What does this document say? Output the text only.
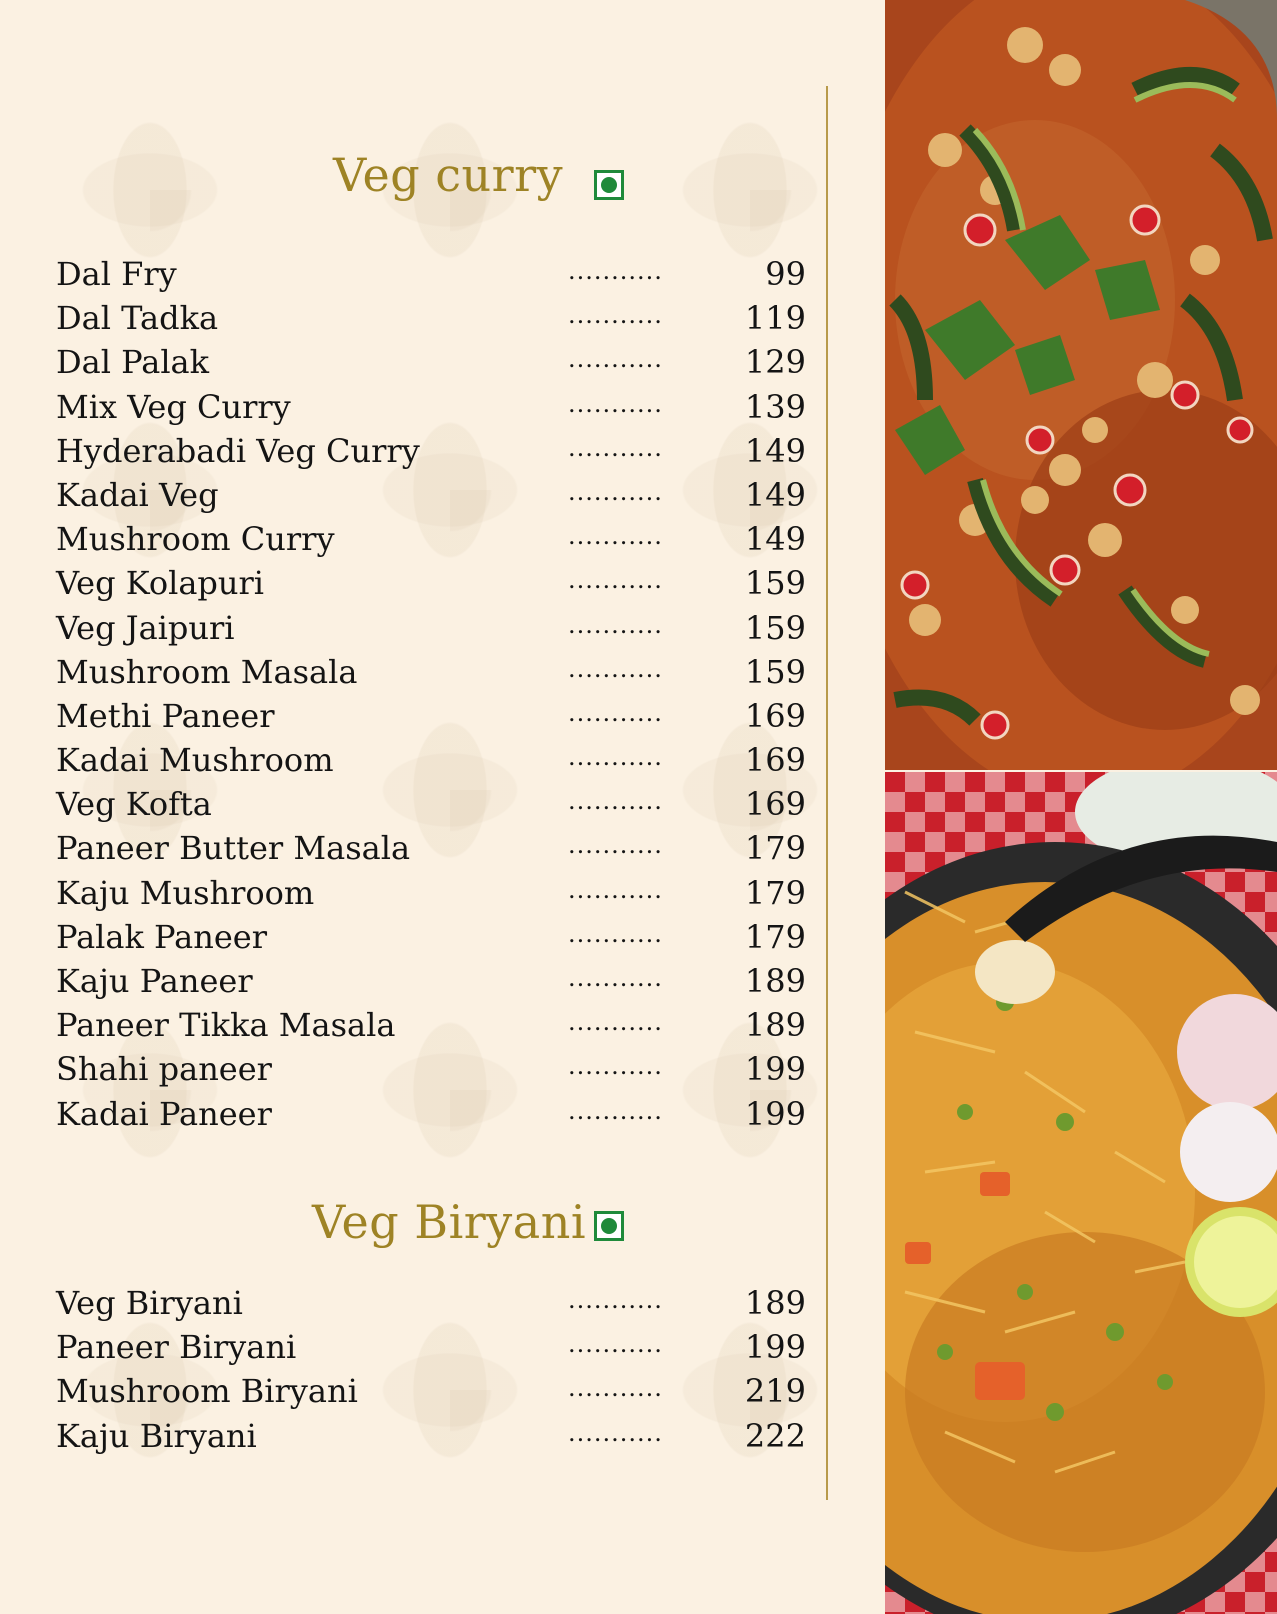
Veg curry
Dal Fry	...........	99
Dal Tadka	...........	119
Dal Palak	...........	129
Mix Veg Curry	...........	139
Hyderabadi Veg Curry	...........	149
Kadai Veg	...........	149
Mushroom Curry	...........	149
Veg Kolapuri	...........	159
Veg Jaipuri	...........	159
Mushroom Masala	...........	159
Methi Paneer	...........	169
Kadai Mushroom	...........	169
Veg Kofta	...........	169
Paneer Butter Masala	...........	179
Kaju Mushroom	...........	179
Palak Paneer	...........	179
Kaju Paneer	...........	189
Paneer Tikka Masala	...........	189
Shahi paneer	...........	199
Kadai Paneer	...........	199
Veg Biryani
Veg Biryani	...........	189
Paneer Biryani	...........	199
Mushroom Biryani	...........	219
Kaju Biryani	...........	222
